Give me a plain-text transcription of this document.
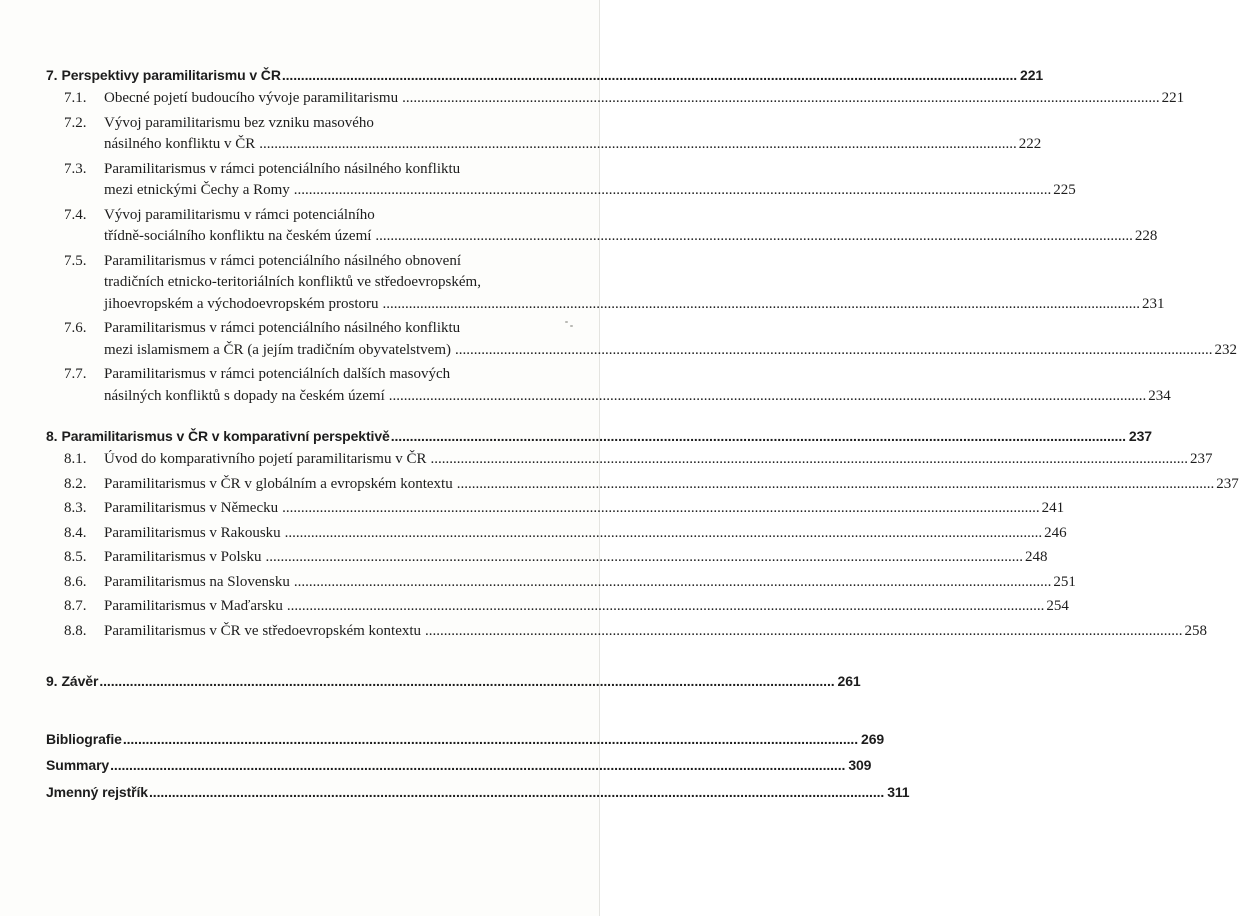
7. Perspektivy paramilitarismu v ČR .....	221
7.1.	Obecné pojetí budoucího vývoje paramilitarismu .....	221
7.2.	Vývoj paramilitarismu bez vzniku masového
násilného konfliktu v ČR .....	222
7.3.	Paramilitarismus v rámci potenciálního násilného konfliktu
mezi etnickými Čechy a Romy .....	225
7.4.	Vývoj paramilitarismu v rámci potenciálního
třídně-sociálního konfliktu na českém území .....	228
7.5.	Paramilitarismus v rámci potenciálního násilného obnovení
tradičních etnicko-teritoriálních konfliktů ve středoevropském,
jihoevropském a východoevropském prostoru .....	231
7.6.	Paramilitarismus v rámci potenciálního násilného konfliktu
mezi islamismem a ČR (a jejím tradičním obyvatelstvem) .....	232
7.7.	Paramilitarismus v rámci potenciálních dalších masových
násilných konfliktů s dopady na českém území .....	234
8. Paramilitarismus v ČR v komparativní perspektivě .....	237
8.1.	Úvod do komparativního pojetí paramilitarismu v ČR .....	237
8.2.	Paramilitarismus v ČR v globálním a evropském kontextu .....	237
8.3.	Paramilitarismus v Německu .....	241
8.4.	Paramilitarismus v Rakousku .....	246
8.5.	Paramilitarismus v Polsku .....	248
8.6.	Paramilitarismus na Slovensku .....	251
8.7.	Paramilitarismus v Maďarsku .....	254
8.8.	Paramilitarismus v ČR ve středoevropském kontextu .....	258
9. Závěr .....	261
Bibliografie .....	269
Summary .....	309
Jmenný rejstřík .....	311
